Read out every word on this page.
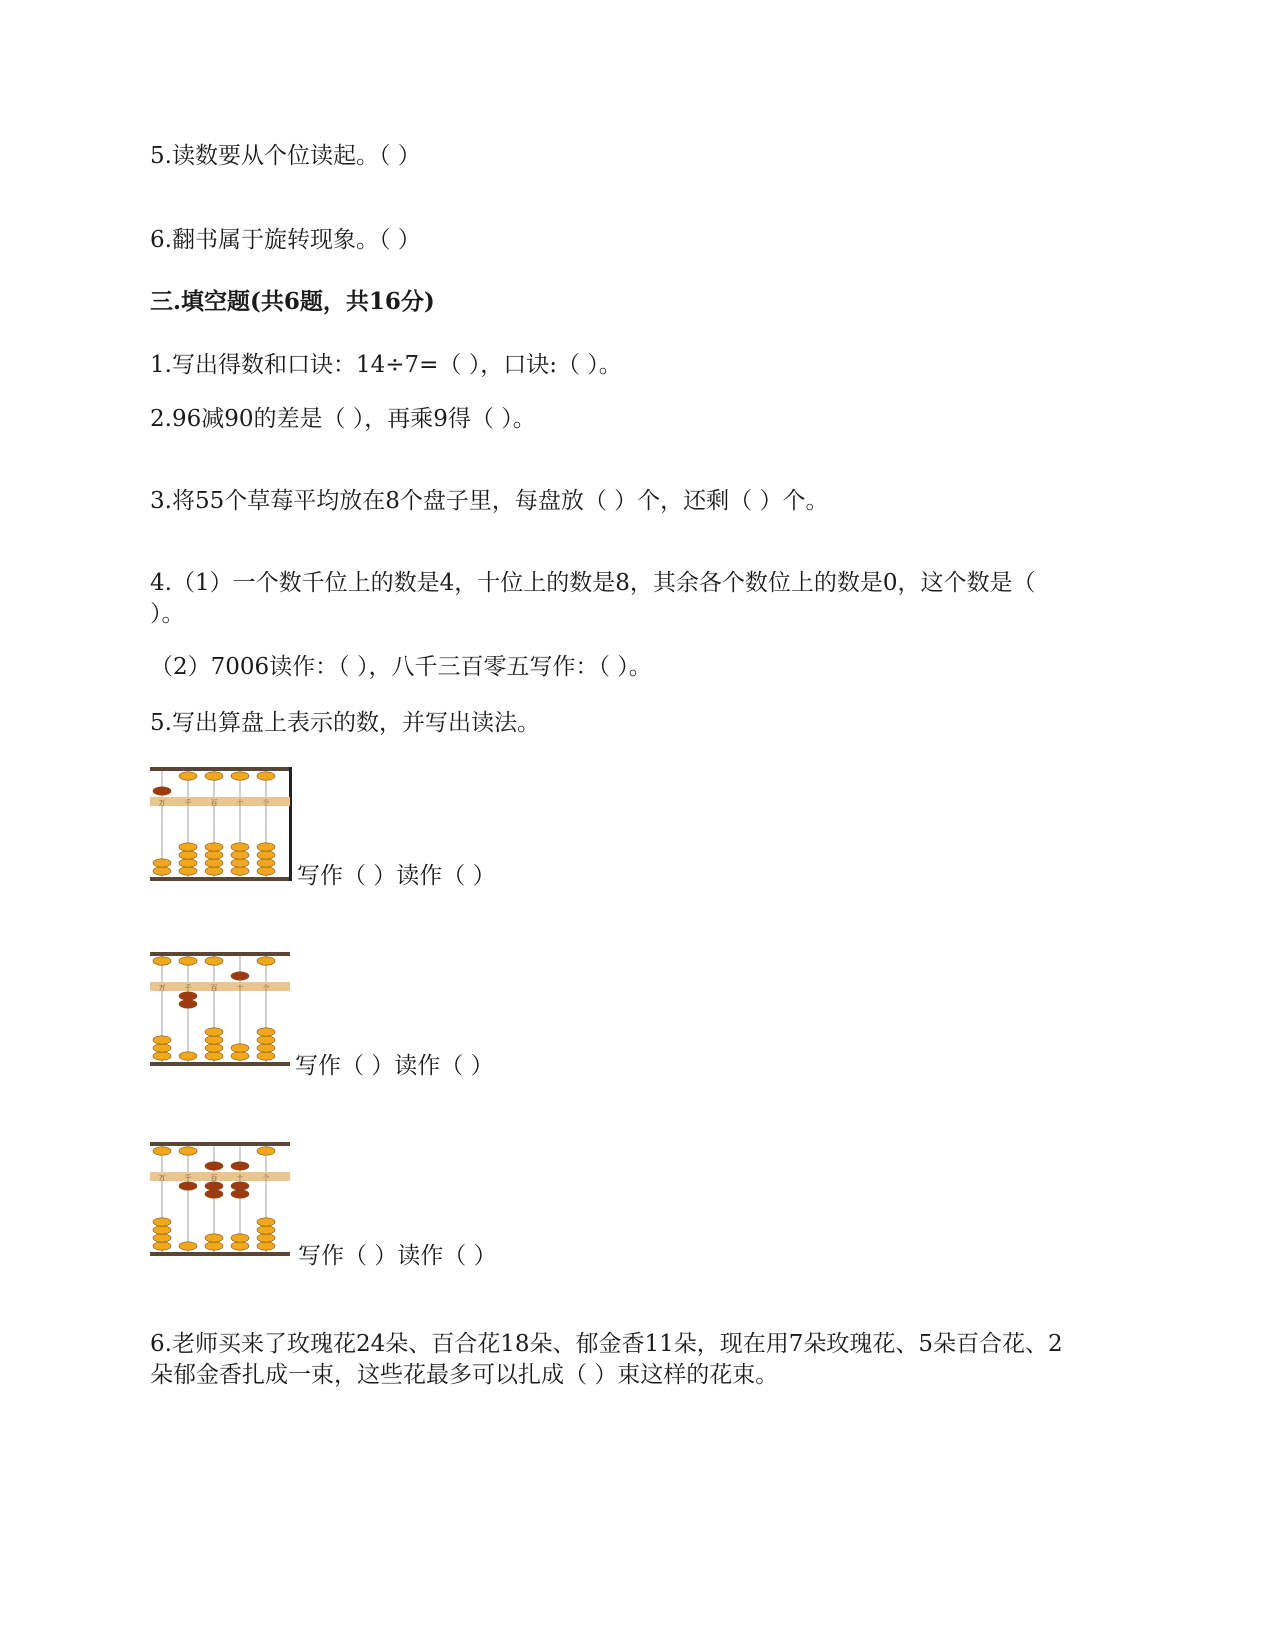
5.读数要从个位读起。（ ）
6.翻书属于旋转现象。（ ）
三.填空题(共6题，共16分)
1.写出得数和口诀：14÷7=（ ），口诀:（ ）。
2.96减90的差是（ ），再乘9得（ ）。
3.将55个草莓平均放在8个盘子里，每盘放（ ）个，还剩（ ）个。
4.（1）一个数千位上的数是4，十位上的数是8，其余各个数位上的数是0，这个数是（
）。
（2）7006读作：（ ），八千三百零五写作：（ ）。
5.写出算盘上表示的数，并写出读法。
万	千	百	十	个
写作（ ）读作（ ）
万	千	百	十	个
写作（ ）读作（ ）
万	千	百	十	个
写作（ ）读作（ ）
6.老师买来了玫瑰花24朵、百合花18朵、郁金香11朵，现在用7朵玫瑰花、5朵百合花、2
朵郁金香扎成一束，这些花最多可以扎成（ ）束这样的花束。
